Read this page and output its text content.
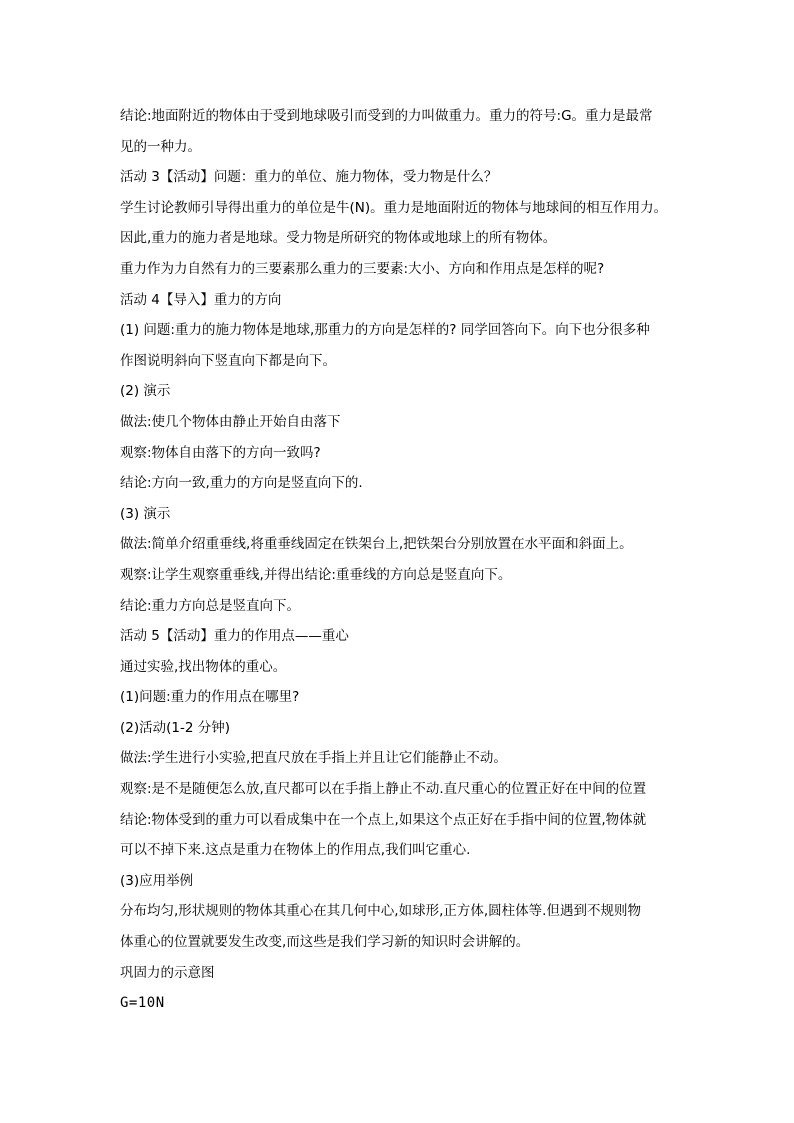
结论:地面附近的物体由于受到地球吸引而受到的力叫做重力。重力的符号:G。重力是最常
见的一种力。
活动 3【活动】问题：重力的单位、施力物体，受力物是什么？
学生讨论教师引导得出重力的单位是牛(N)。重力是地面附近的物体与地球间的相互作用力。
因此,重力的施力者是地球。受力物是所研究的物体或地球上的所有物体。
重力作为力自然有力的三要素那么重力的三要素:大小、方向和作用点是怎样的呢?
活动 4【导入】重力的方向
(1) 问题:重力的施力物体是地球,那重力的方向是怎样的? 同学回答向下。向下也分很多种
作图说明斜向下竖直向下都是向下。
(2) 演示
做法:使几个物体由静止开始自由落下
观察:物体自由落下的方向一致吗?
结论:方向一致,重力的方向是竖直向下的.
(3) 演示
做法:简单介绍重垂线,将重垂线固定在铁架台上,把铁架台分别放置在水平面和斜面上。
观察:让学生观察重垂线,并得出结论:重垂线的方向总是竖直向下。
结论:重力方向总是竖直向下。
活动 5【活动】重力的作用点——重心
通过实验,找出物体的重心。
(1)问题:重力的作用点在哪里?
(2)活动(1-2 分钟)
做法:学生进行小实验,把直尺放在手指上并且让它们能静止不动。
观察:是不是随便怎么放,直尺都可以在手指上静止不动.直尺重心的位置正好在中间的位置
结论:物体受到的重力可以看成集中在一个点上,如果这个点正好在手指中间的位置,物体就
可以不掉下来.这点是重力在物体上的作用点,我们叫它重心.
(3)应用举例
分布均匀,形状规则的物体其重心在其几何中心,如球形,正方体,圆柱体等.但遇到不规则物
体重心的位置就要发生改变,而这些是我们学习新的知识时会讲解的。
巩固力的示意图
G=10N
